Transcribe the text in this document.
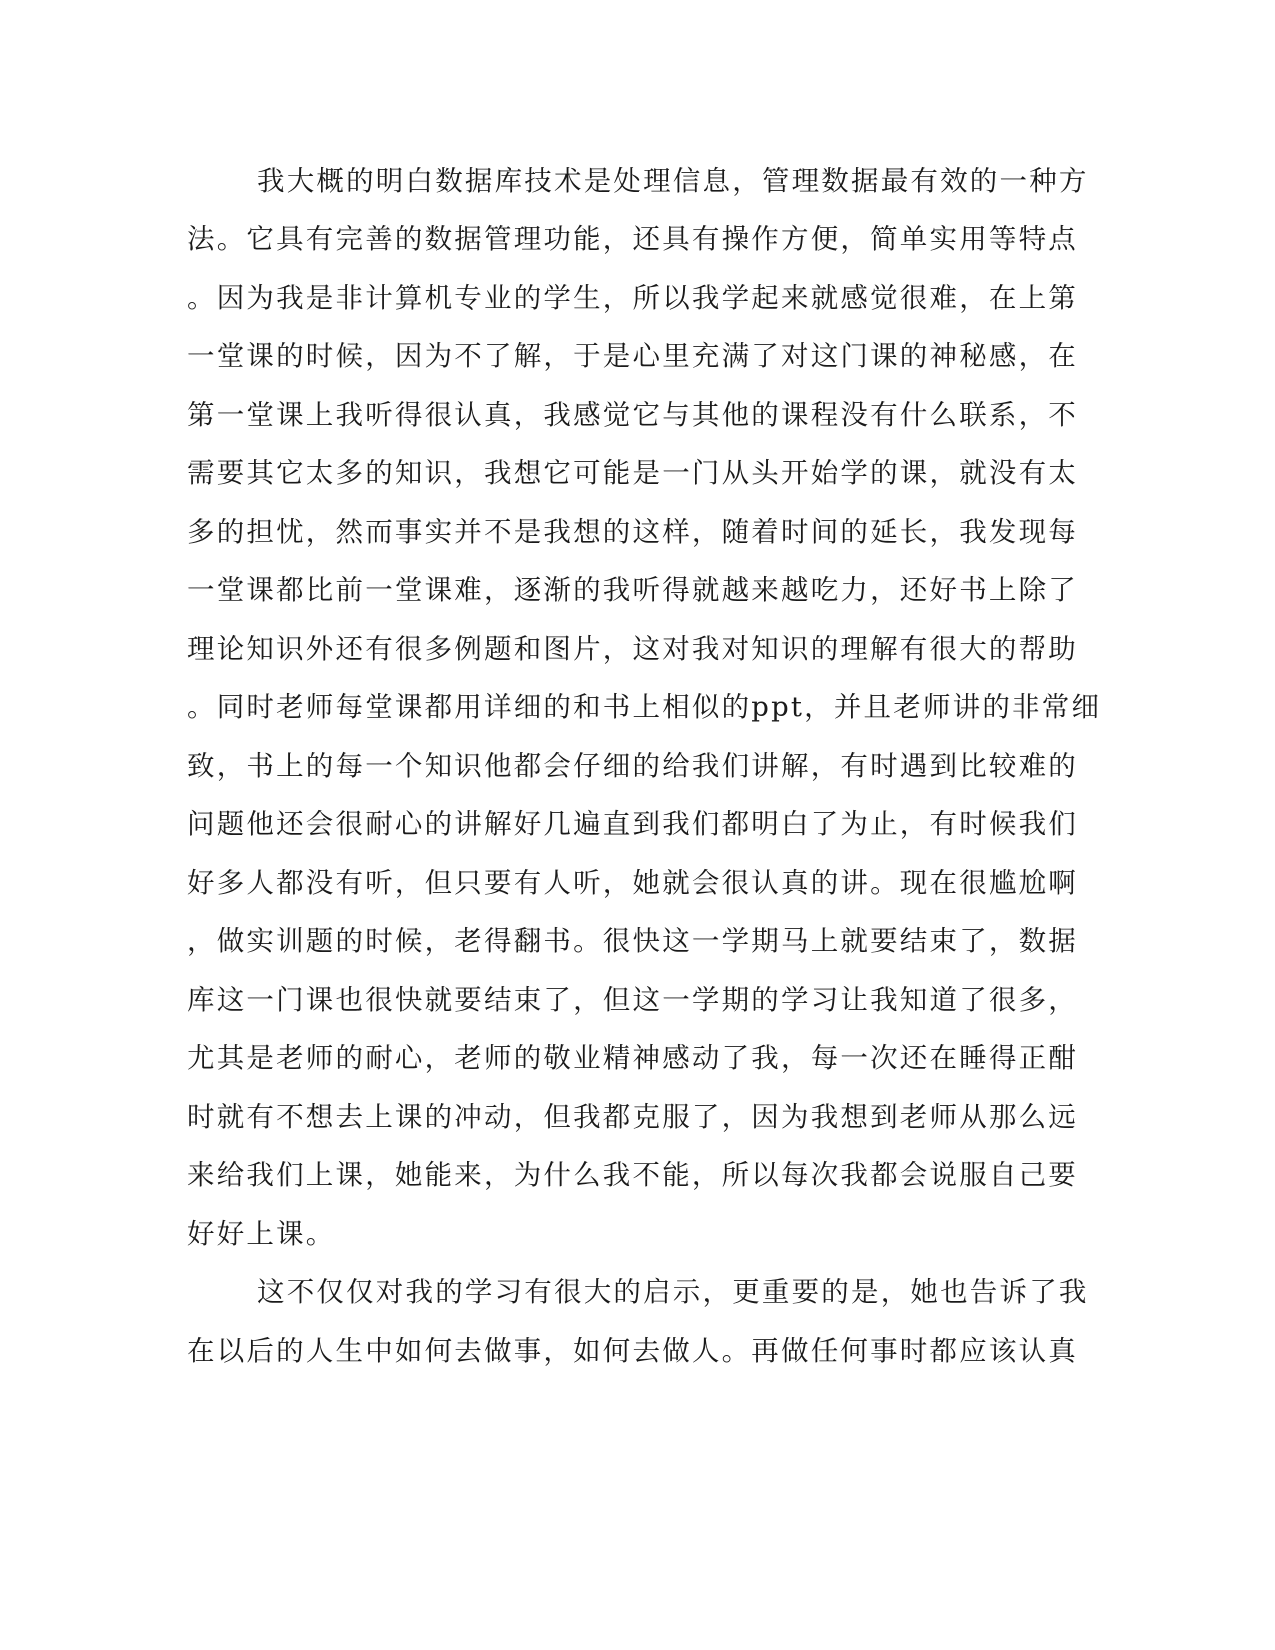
我大概的明白数据库技术是处理信息，管理数据最有效的一种方
法。它具有完善的数据管理功能，还具有操作方便，简单实用等特点
。因为我是非计算机专业的学生，所以我学起来就感觉很难，在上第
一堂课的时候，因为不了解，于是心里充满了对这门课的神秘感，在
第一堂课上我听得很认真，我感觉它与其他的课程没有什么联系，不
需要其它太多的知识，我想它可能是一门从头开始学的课，就没有太
多的担忧，然而事实并不是我想的这样，随着时间的延长，我发现每
一堂课都比前一堂课难，逐渐的我听得就越来越吃力，还好书上除了
理论知识外还有很多例题和图片，这对我对知识的理解有很大的帮助
。同时老师每堂课都用详细的和书上相似的ppt，并且老师讲的非常细
致，书上的每一个知识他都会仔细的给我们讲解，有时遇到比较难的
问题他还会很耐心的讲解好几遍直到我们都明白了为止，有时候我们
好多人都没有听，但只要有人听，她就会很认真的讲。现在很尴尬啊
，做实训题的时候，老得翻书。很快这一学期马上就要结束了，数据
库这一门课也很快就要结束了，但这一学期的学习让我知道了很多，
尤其是老师的耐心，老师的敬业精神感动了我，每一次还在睡得正酣
时就有不想去上课的冲动，但我都克服了，因为我想到老师从那么远
来给我们上课，她能来，为什么我不能，所以每次我都会说服自己要
好好上课。
这不仅仅对我的学习有很大的启示，更重要的是，她也告诉了我
在以后的人生中如何去做事，如何去做人。再做任何事时都应该认真
